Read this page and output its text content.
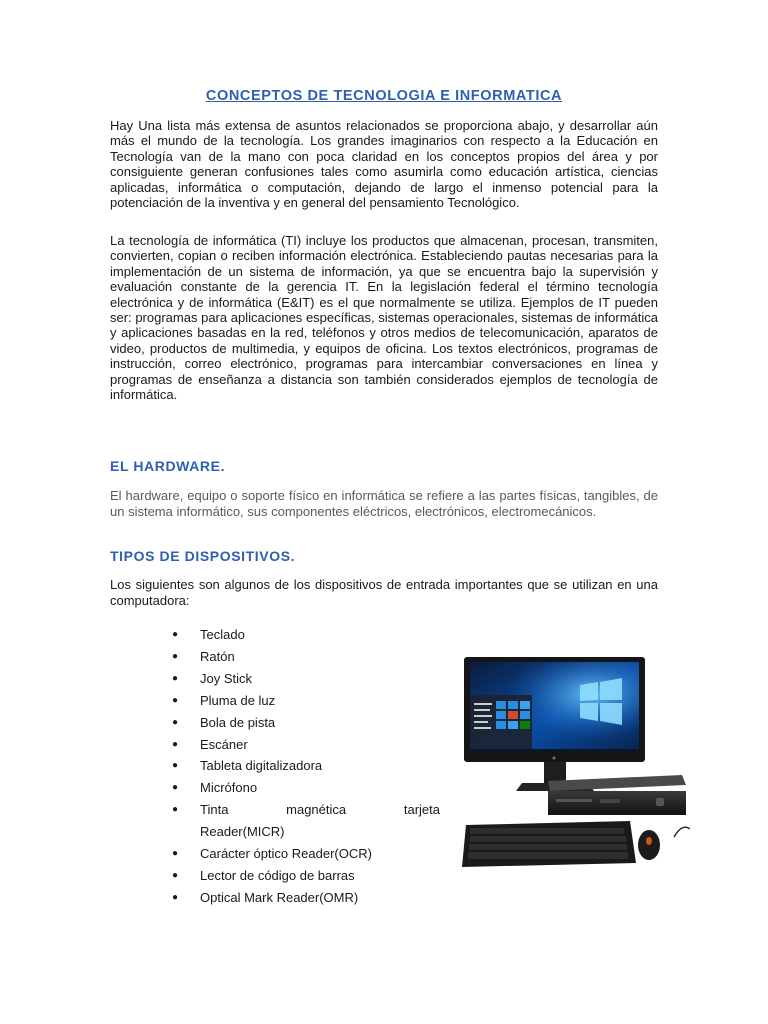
CONCEPTOS DE TECNOLOGIA E INFORMATICA

Hay Una lista más extensa de asuntos relacionados se proporciona abajo, y desarrollar aún más el mundo de la tecnología. Los grandes imaginarios con respecto a la Educación en Tecnología van de la mano con poca claridad en los conceptos propios del área y por consiguiente generan confusiones tales como asumirla como educación artística, ciencias aplicadas, informática o computación, dejando de largo el inmenso potencial para la potenciación de la inventiva y en general del pensamiento Tecnológico.

La tecnología de informática (TI) incluye los productos que almacenan, procesan, transmiten, convierten, copian o reciben información electrónica. Estableciendo pautas necesarias para la implementación de un sistema de información, ya que se encuentra bajo la supervisión y evaluación constante de la gerencia IT. En la legislación federal el término tecnología electrónica y de informática (E&IT) es el que normalmente se utiliza. Ejemplos de IT pueden ser: programas para aplicaciones específicas, sistemas operacionales, sistemas de informática y aplicaciones basadas en la red, teléfonos y otros medios de telecomunicación, aparatos de video, productos de multimedia, y equipos de oficina. Los textos electrónicos, programas de instrucción, correo electrónico, programas para intercambiar conversaciones en línea y programas de enseñanza a distancia son también considerados ejemplos de tecnología de informática.

EL HARDWARE.

El hardware, equipo o soporte físico en informática se refiere a las partes físicas, tangibles, de un sistema informático, sus componentes eléctricos, electrónicos, electromecánicos.

TIPOS DE DISPOSITIVOS.

Los siguientes son algunos de los dispositivos de entrada importantes que se utilizan en una computadora:

● Teclado
● Ratón
● Joy Stick
● Pluma de luz
● Bola de pista
● Escáner
● Tableta digitalizadora
● Micrófono
● Tinta magnética tarjeta
Reader(MICR)
● Carácter óptico Reader(OCR)
● Lector de código de barras
● Optical Mark Reader(OMR)
